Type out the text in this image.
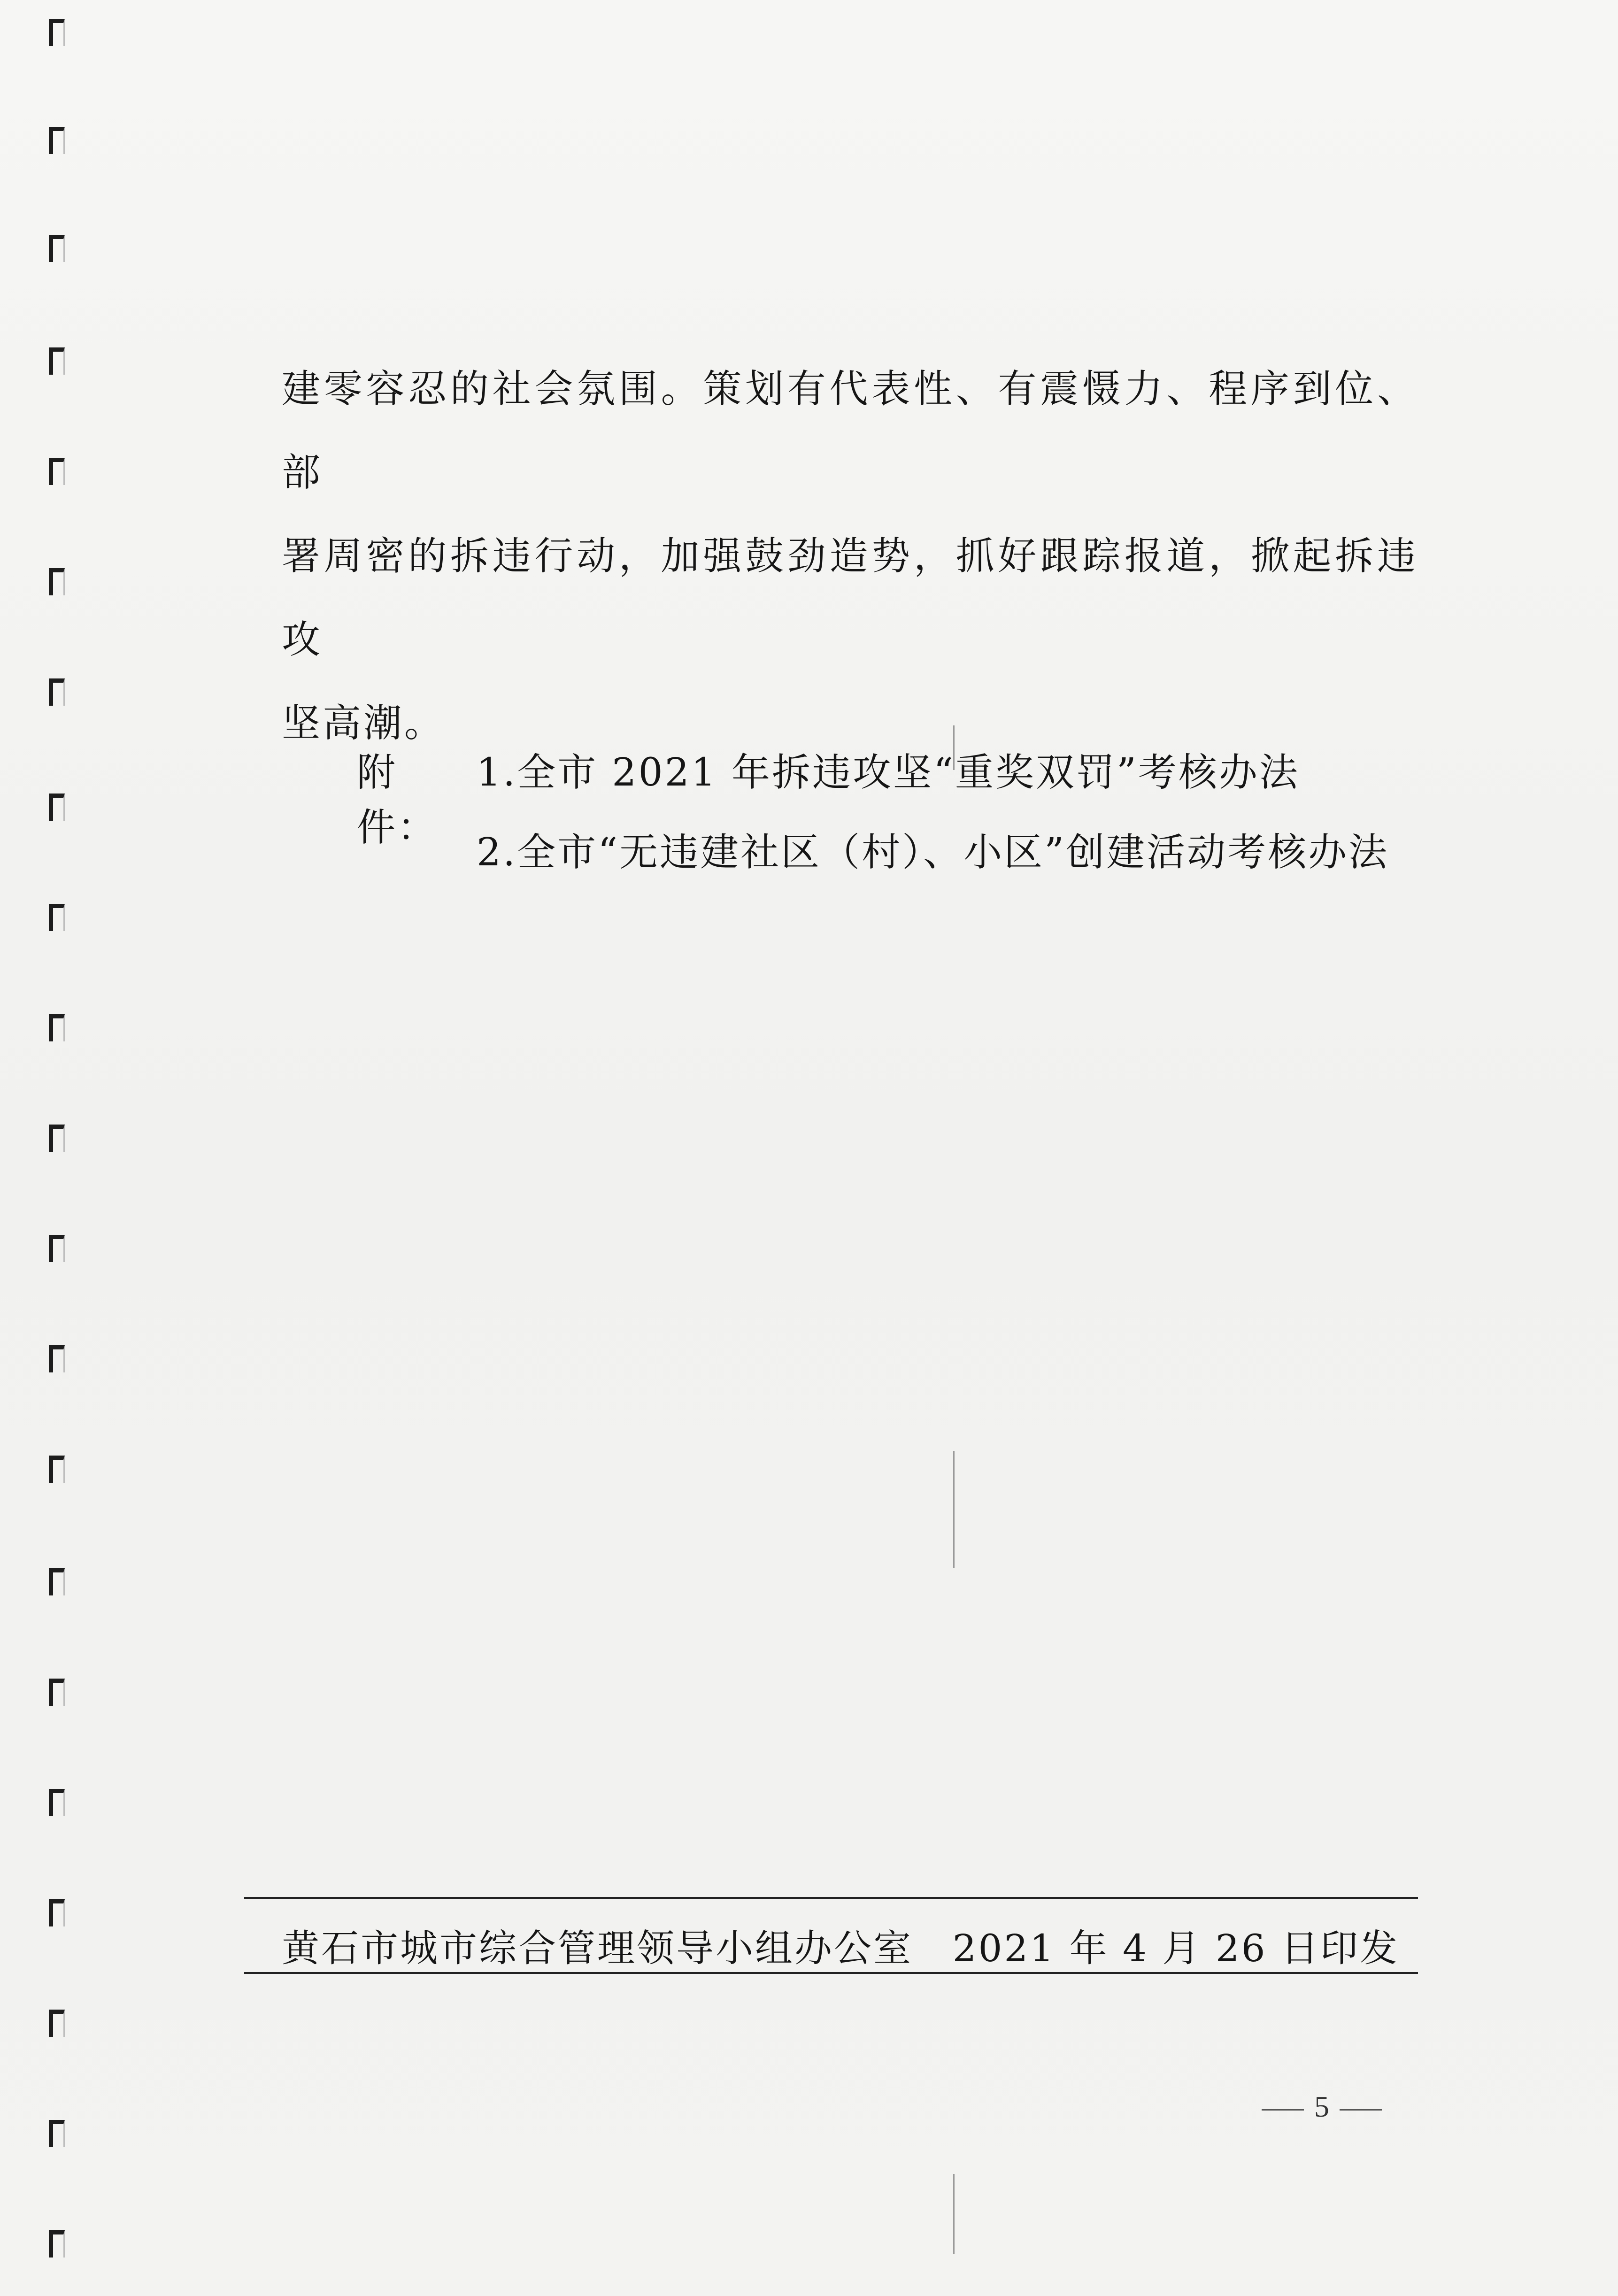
建零容忍的社会氛围。策划有代表性、有震慑力、程序到位、部
署周密的拆违行动，加强鼓劲造势，抓好跟踪报道，掀起拆违攻
坚高潮。
附件：
1.全市 2021 年拆违攻坚“重奖双罚”考核办法
2.全市“无违建社区（村）、小区”创建活动考核办法
黄石市城市综合管理领导小组办公室 2021 年 4 月 26 日印发
5
